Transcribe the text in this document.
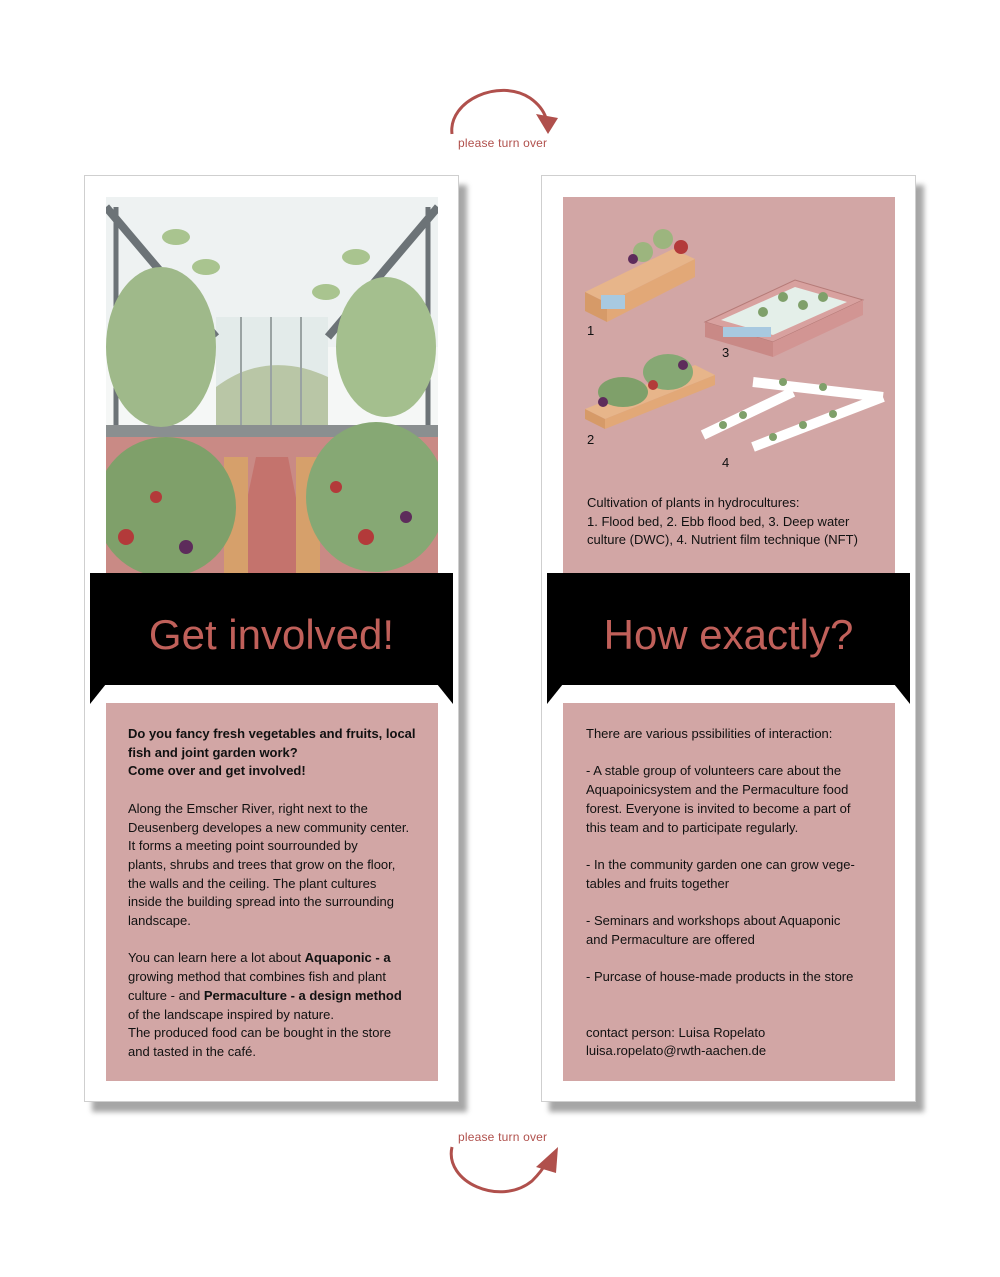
please turn over
Get involved!

Do you fancy fresh vegetables and fruits, local
fish and joint garden work?
Come over and get involved!

Along the Emscher River, right next to the
Deusenberg developes a new community center.
It forms a meeting point sourrounded by
plants, shrubs and trees that grow on the floor,
the walls and the ceiling. The plant cultures
inside the building spread into the surrounding
landscape.

You can learn here a lot about Aquaponic - a
growing method that combines fish and plant
culture - and Permaculture - a design method
of the landscape inspired by nature.
The produced food can be bought in the store
and tasted in the café.

1
3
2
4
Cultivation of plants in hydrocultures:
1. Flood bed, 2. Ebb flood bed, 3. Deep water
culture (DWC), 4. Nutrient film technique (NFT)
How exactly?

There are various pssibilities of interaction:

- A stable group of volunteers care about the
Aquapoinicsystem and the Permaculture food
forest. Everyone is invited to become a part of
this team and to participate regularly.

- In the community garden one can grow vege-
tables and fruits together

- Seminars and workshops about Aquaponic
and Permaculture are offered

- Purcase of house-made products in the store

contact person: Luisa Ropelato
luisa.ropelato@rwth-aachen.de

please turn over
